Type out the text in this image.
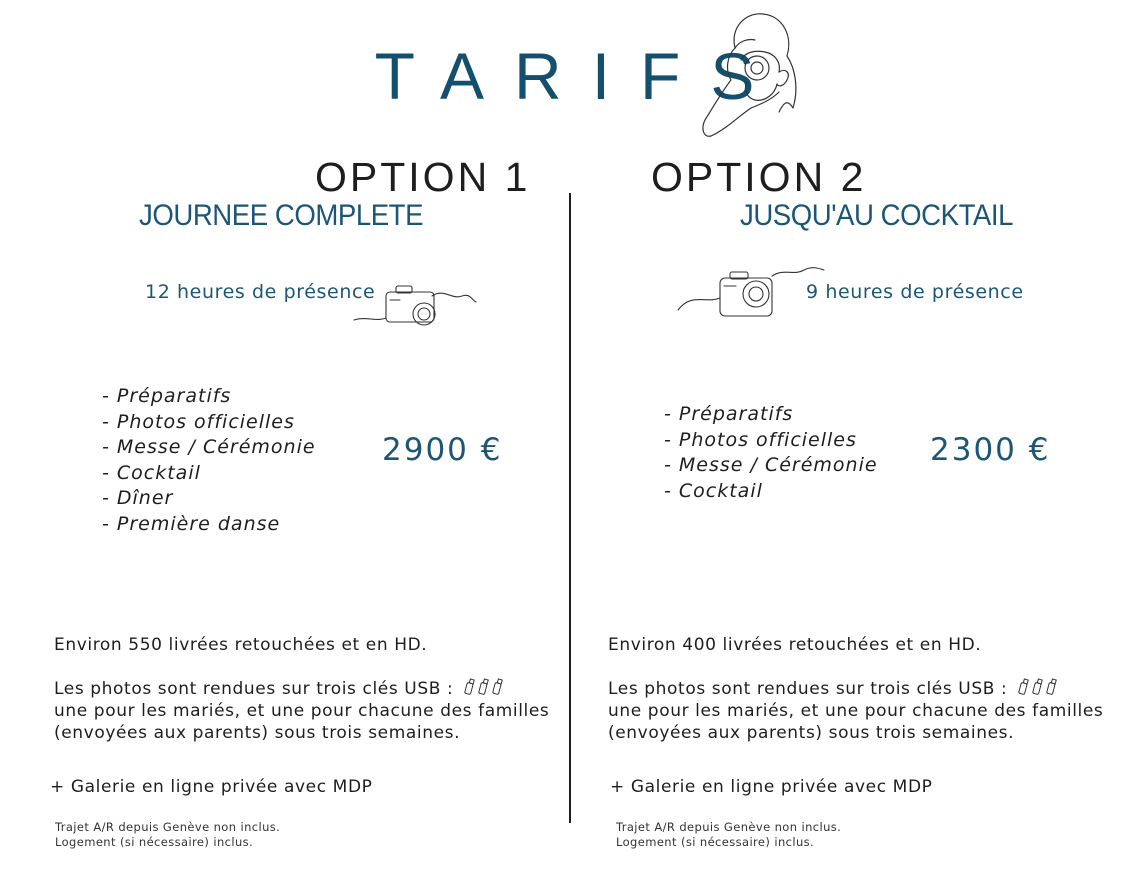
TARIFS
OPTION 1
JOURNEE COMPLETE
12 heures de présence
- Préparatifs
- Photos officielles
- Messe / Cérémonie
- Cocktail
- Dîner
- Première danse
2900 €
Environ 550 livrées retouchées et en HD.
Les photos sont rendues sur trois clés USB :
une pour les mariés, et une pour chacune des familles
(envoyées aux parents) sous trois semaines.
+ Galerie en ligne privée avec MDP
Trajet A/R depuis Genève non inclus.
Logement (si nécessaire) inclus.
OPTION 2
JUSQU'AU COCKTAIL
9 heures de présence
- Préparatifs
- Photos officielles
- Messe / Cérémonie
- Cocktail
2300 €
Environ 400 livrées retouchées et en HD.
Les photos sont rendues sur trois clés USB :
une pour les mariés, et une pour chacune des familles
(envoyées aux parents) sous trois semaines.
+ Galerie en ligne privée avec MDP
Trajet A/R depuis Genève non inclus.
Logement (si nécessaire) inclus.
